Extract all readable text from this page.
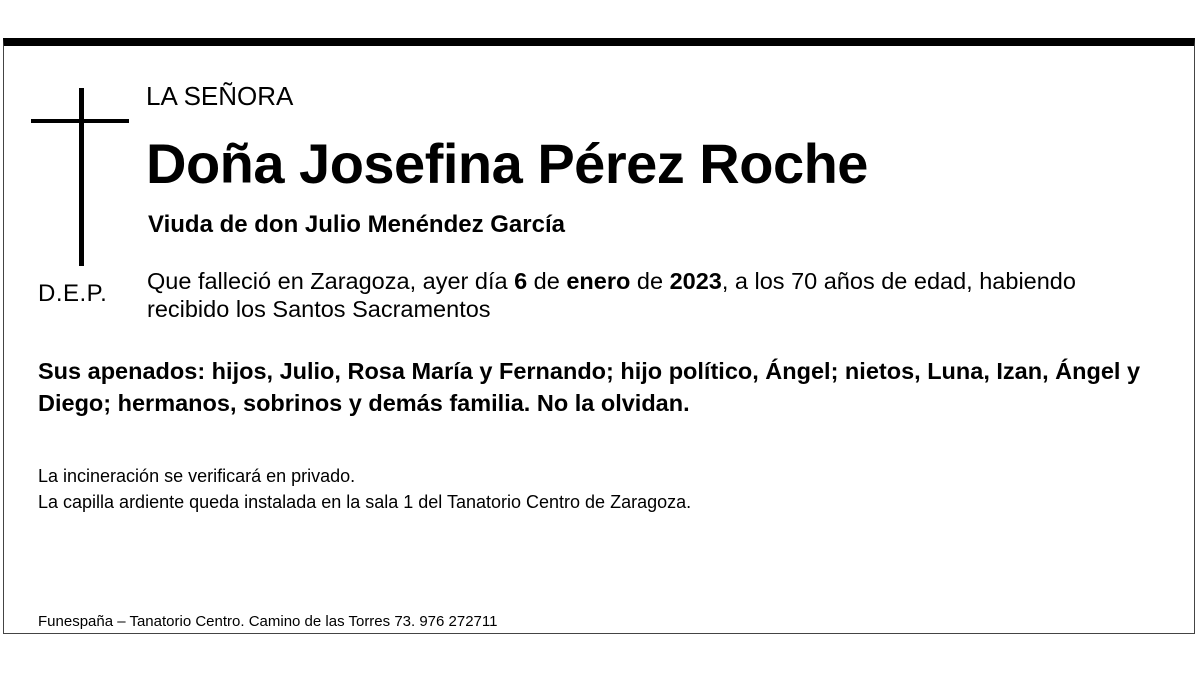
D.E.P.
LA SEÑORA
Doña Josefina Pérez Roche
Viuda de don Julio Menéndez García
Que falleció en Zaragoza, ayer día 6 de enero de 2023, a los 70 años de edad, habiendo recibido los Santos Sacramentos
Sus apenados: hijos, Julio, Rosa María y Fernando; hijo político, Ángel; nietos, Luna, Izan, Ángel y Diego; hermanos, sobrinos y demás familia. No la olvidan.
La incineración se verificará en privado.
La capilla ardiente queda instalada en la sala 1 del Tanatorio Centro de Zaragoza.
Funespaña – Tanatorio Centro. Camino de las Torres 73. 976 272711
